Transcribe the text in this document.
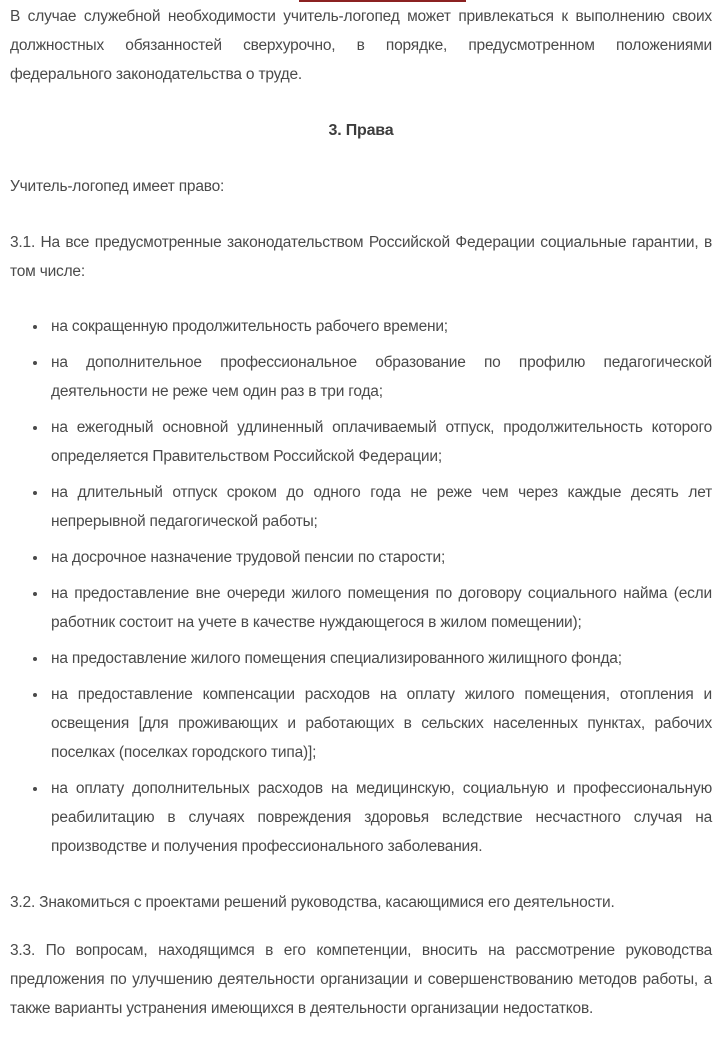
В случае служебной необходимости учитель-логопед может привлекаться к выполнению своих должностных обязанностей сверхурочно, в порядке, предусмотренном положениями федерального законодательства о труде.

3. Права

Учитель-логопед имеет право:

3.1. На все предусмотренные законодательством Российской Федерации социальные гарантии, в том числе:

• на сокращенную продолжительность рабочего времени;
• на дополнительное профессиональное образование по профилю педагогической деятельности не реже чем один раз в три года;
• на ежегодный основной удлиненный оплачиваемый отпуск, продолжительность которого определяется Правительством Российской Федерации;
• на длительный отпуск сроком до одного года не реже чем через каждые десять лет непрерывной педагогической работы;
• на досрочное назначение трудовой пенсии по старости;
• на предоставление вне очереди жилого помещения по договору социального найма (если работник состоит на учете в качестве нуждающегося в жилом помещении);
• на предоставление жилого помещения специализированного жилищного фонда;
• на предоставление компенсации расходов на оплату жилого помещения, отопления и освещения [для проживающих и работающих в сельских населенных пунктах, рабочих поселках (поселках городского типа)];
• на оплату дополнительных расходов на медицинскую, социальную и профессиональную реабилитацию в случаях повреждения здоровья вследствие несчастного случая на производстве и получения профессионального заболевания.

3.2. Знакомиться с проектами решений руководства, касающимися его деятельности.

3.3. По вопросам, находящимся в его компетенции, вносить на рассмотрение руководства предложения по улучшению деятельности организации и совершенствованию методов работы, а также варианты устранения имеющихся в деятельности организации недостатков.
